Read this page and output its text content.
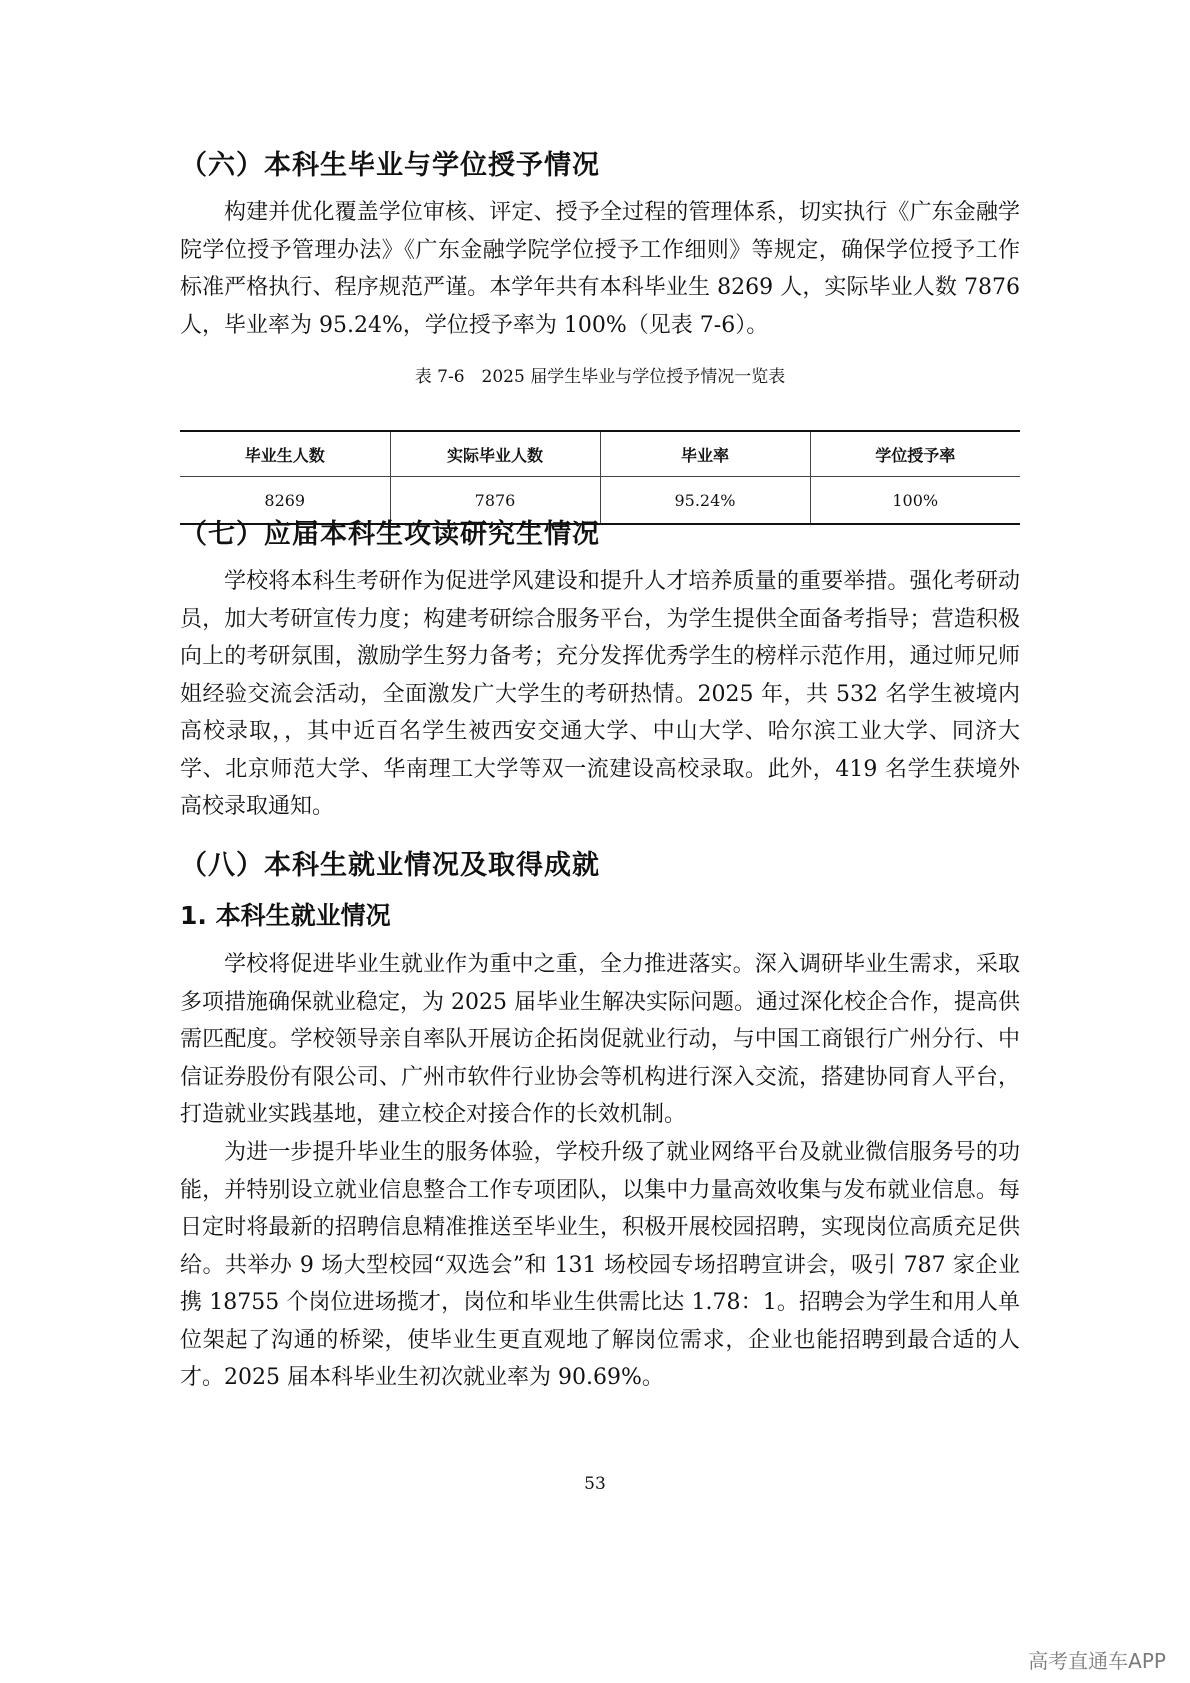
（六）本科生毕业与学位授予情况

构建并优化覆盖学位审核、评定、授予全过程的管理体系，切实执行《广东金融学院学位授予管理办法》《广东金融学院学位授予工作细则》等规定，确保学位授予工作标准严格执行、程序规范严谨。本学年共有本科毕业生 8269 人，实际毕业人数 7876 人，毕业率为 95.24%，学位授予率为 100%（见表 7-6）。

表 7-6　2025 届学生毕业与学位授予情况一览表
毕业生人数	实际毕业人数	毕业率	学位授予率
8269	7876	95.24%	100%
（七）应届本科生攻读研究生情况

学校将本科生考研作为促进学风建设和提升人才培养质量的重要举措。强化考研动员，加大考研宣传力度；构建考研综合服务平台，为学生提供全面备考指导；营造积极向上的考研氛围，激励学生努力备考；充分发挥优秀学生的榜样示范作用，通过师兄师姐经验交流会活动，全面激发广大学生的考研热情。2025 年，共 532 名学生被境内高校录取，，其中近百名学生被西安交通大学、中山大学、哈尔滨工业大学、同济大学、北京师范大学、华南理工大学等双一流建设高校录取。此外，419 名学生获境外高校录取通知。

（八）本科生就业情况及取得成就
1. 本科生就业情况

学校将促进毕业生就业作为重中之重，全力推进落实。深入调研毕业生需求，采取多项措施确保就业稳定，为 2025 届毕业生解决实际问题。通过深化校企合作，提高供需匹配度。学校领导亲自率队开展访企拓岗促就业行动，与中国工商银行广州分行、中信证券股份有限公司、广州市软件行业协会等机构进行深入交流，搭建协同育人平台，打造就业实践基地，建立校企对接合作的长效机制。

为进一步提升毕业生的服务体验，学校升级了就业网络平台及就业微信服务号的功能，并特别设立就业信息整合工作专项团队，以集中力量高效收集与发布就业信息。每日定时将最新的招聘信息精准推送至毕业生，积极开展校园招聘，实现岗位高质充足供给。共举办 9 场大型校园“双选会”和 131 场校园专场招聘宣讲会，吸引 787 家企业携 18755 个岗位进场揽才，岗位和毕业生供需比达 1.78：1。招聘会为学生和用人单位架起了沟通的桥梁，使毕业生更直观地了解岗位需求，企业也能招聘到最合适的人才。2025 届本科毕业生初次就业率为 90.69%。

53
高考直通车APP
